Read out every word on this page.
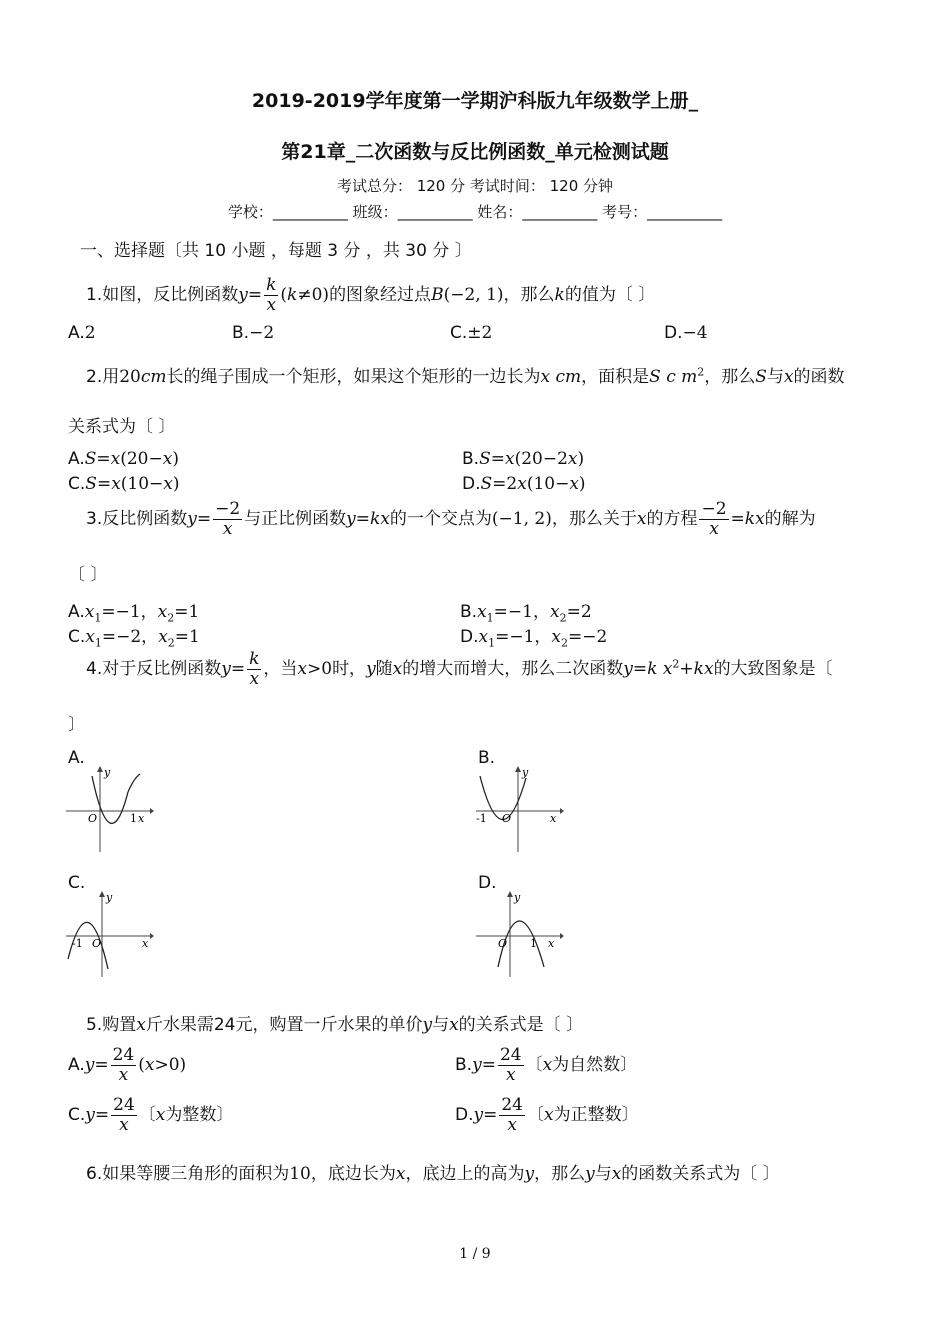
2019-2019学年度第一学期沪科版九年级数学上册_
第21章_二次函数与反比例函数_单元检测试题
考试总分： 120 分 考试时间： 120 分钟
学校：__________ 班级：__________ 姓名：__________ 考号：__________
一、选择题〔共 10 小题 ，每题 3 分 ，共 30 分 〕
1.如图，反比例函数$y= \frac{k}{x} (k\ne 0)$的图象经过点B(−2, 1)，那么k的值为〔 〕
A.2	B.−2	C.±2	D.−4
2.用20cm长的绳子围成一个矩形，如果这个矩形的一边长为x cm，面积是S c $m^2$，那么S与x的函数
关系式为〔 〕
A.S=x(20−x)	B.S=x(20−2x)
C.S=x(10−x)	D.S=2x(10−x)
3.反比例函数$y= \frac{-2}{x}$ 与正比例函数y=kx的一个交点为(−1, 2)，那么关于x的方程 $\frac{-2}{x} =kx$的解为
〔 〕
$A.x_1=-1$，$x_2=1$	$B.x_1=-1$，$x_2=2$
$C.x_1=-2$，$x_2=1$	$D.x_1=-1$，$x_2=-2$
4.对于反比例函数$y= \frac{k}{x}$ ，当x>0时，y随x的增大而增大，那么二次函数y=k $x^2+kx$的大致图象是〔
〕
A.	B.
C.	D.
y
O	1 x
y
-1 O	x
y
-1 O	x
y
O 1 x
5.购置x斤水果需24元，购置一斤水果的单价y与x的关系式是〔 〕
$A.y= \frac{24}{x} (x>0)$	$B.y= \frac{24}{x}$ 〔x为自然数〕
$C.y= \frac{24}{x}$ 〔x为整数〕	$D.y= \frac{24}{x}$ 〔x为正整数〕
6.如果等腰三角形的面积为10，底边长为x，底边上的高为y，那么y与x的函数关系式为〔 〕
1 / 9
